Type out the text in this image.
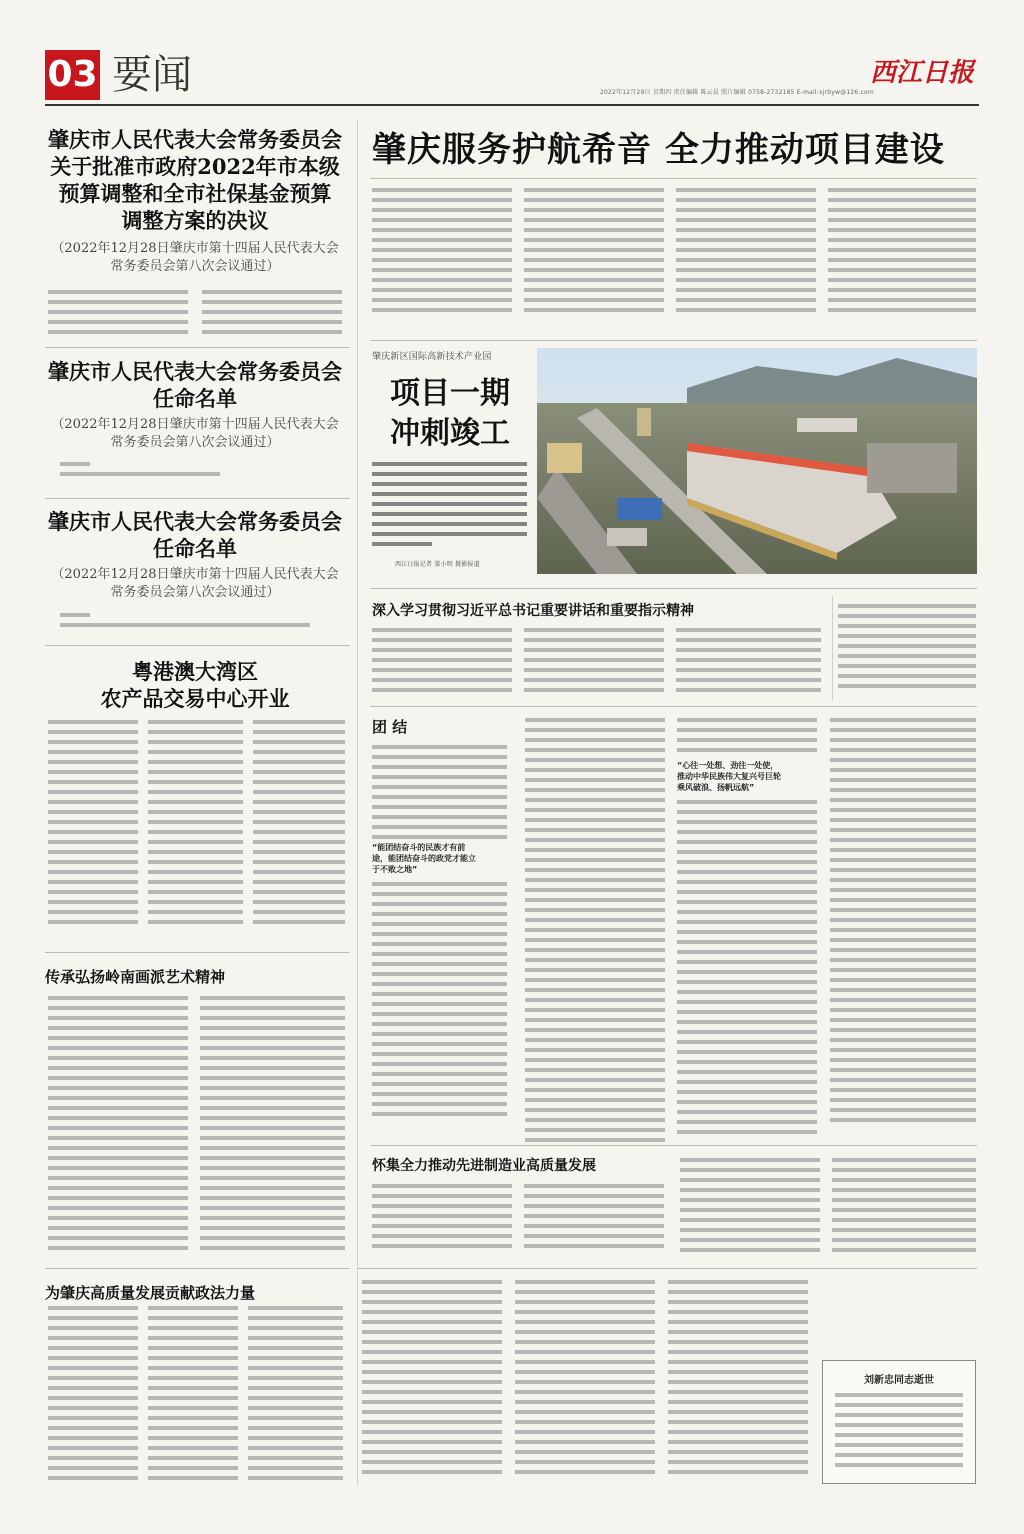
03 要闻	西江日报
2022年12月29日 星期四 责任编辑 陈云晨 照片编辑 0758-2732185 E-mail:xjrbyw@126.com
肇庆市人民代表大会常务委员会
关于批准市政府2022年市本级
预算调整和全市社保基金预算
调整方案的决议
（2022年12月28日肇庆市第十四届人民代表大会
常务委员会第八次会议通过）
肇庆市人民代表大会常务委员会
任命名单
（2022年12月28日肇庆市第十四届人民代表大会
常务委员会第八次会议通过）
肇庆市人民代表大会常务委员会
任命名单
（2022年12月28日肇庆市第十四届人民代表大会
常务委员会第八次会议通过）
粤港澳大湾区
农产品交易中心开业
传承弘扬岭南画派艺术精神
为肇庆高质量发展贡献政法力量
肇庆服务护航希音 全力推动项目建设
肇庆新区国际高新技术产业园
项目一期
冲刺竣工
西江日报记者 梁小明 摄影报道
深入学习贯彻习近平总书记重要讲话和重要指示精神
团 结
“能团结奋斗的民族才有前
途，能团结奋斗的政党才能立
于不败之地”
“心往一处想、劲往一处使，
推动中华民族伟大复兴号巨轮
乘风破浪、扬帆远航”
怀集全力推动先进制造业高质量发展
刘新忠同志逝世
